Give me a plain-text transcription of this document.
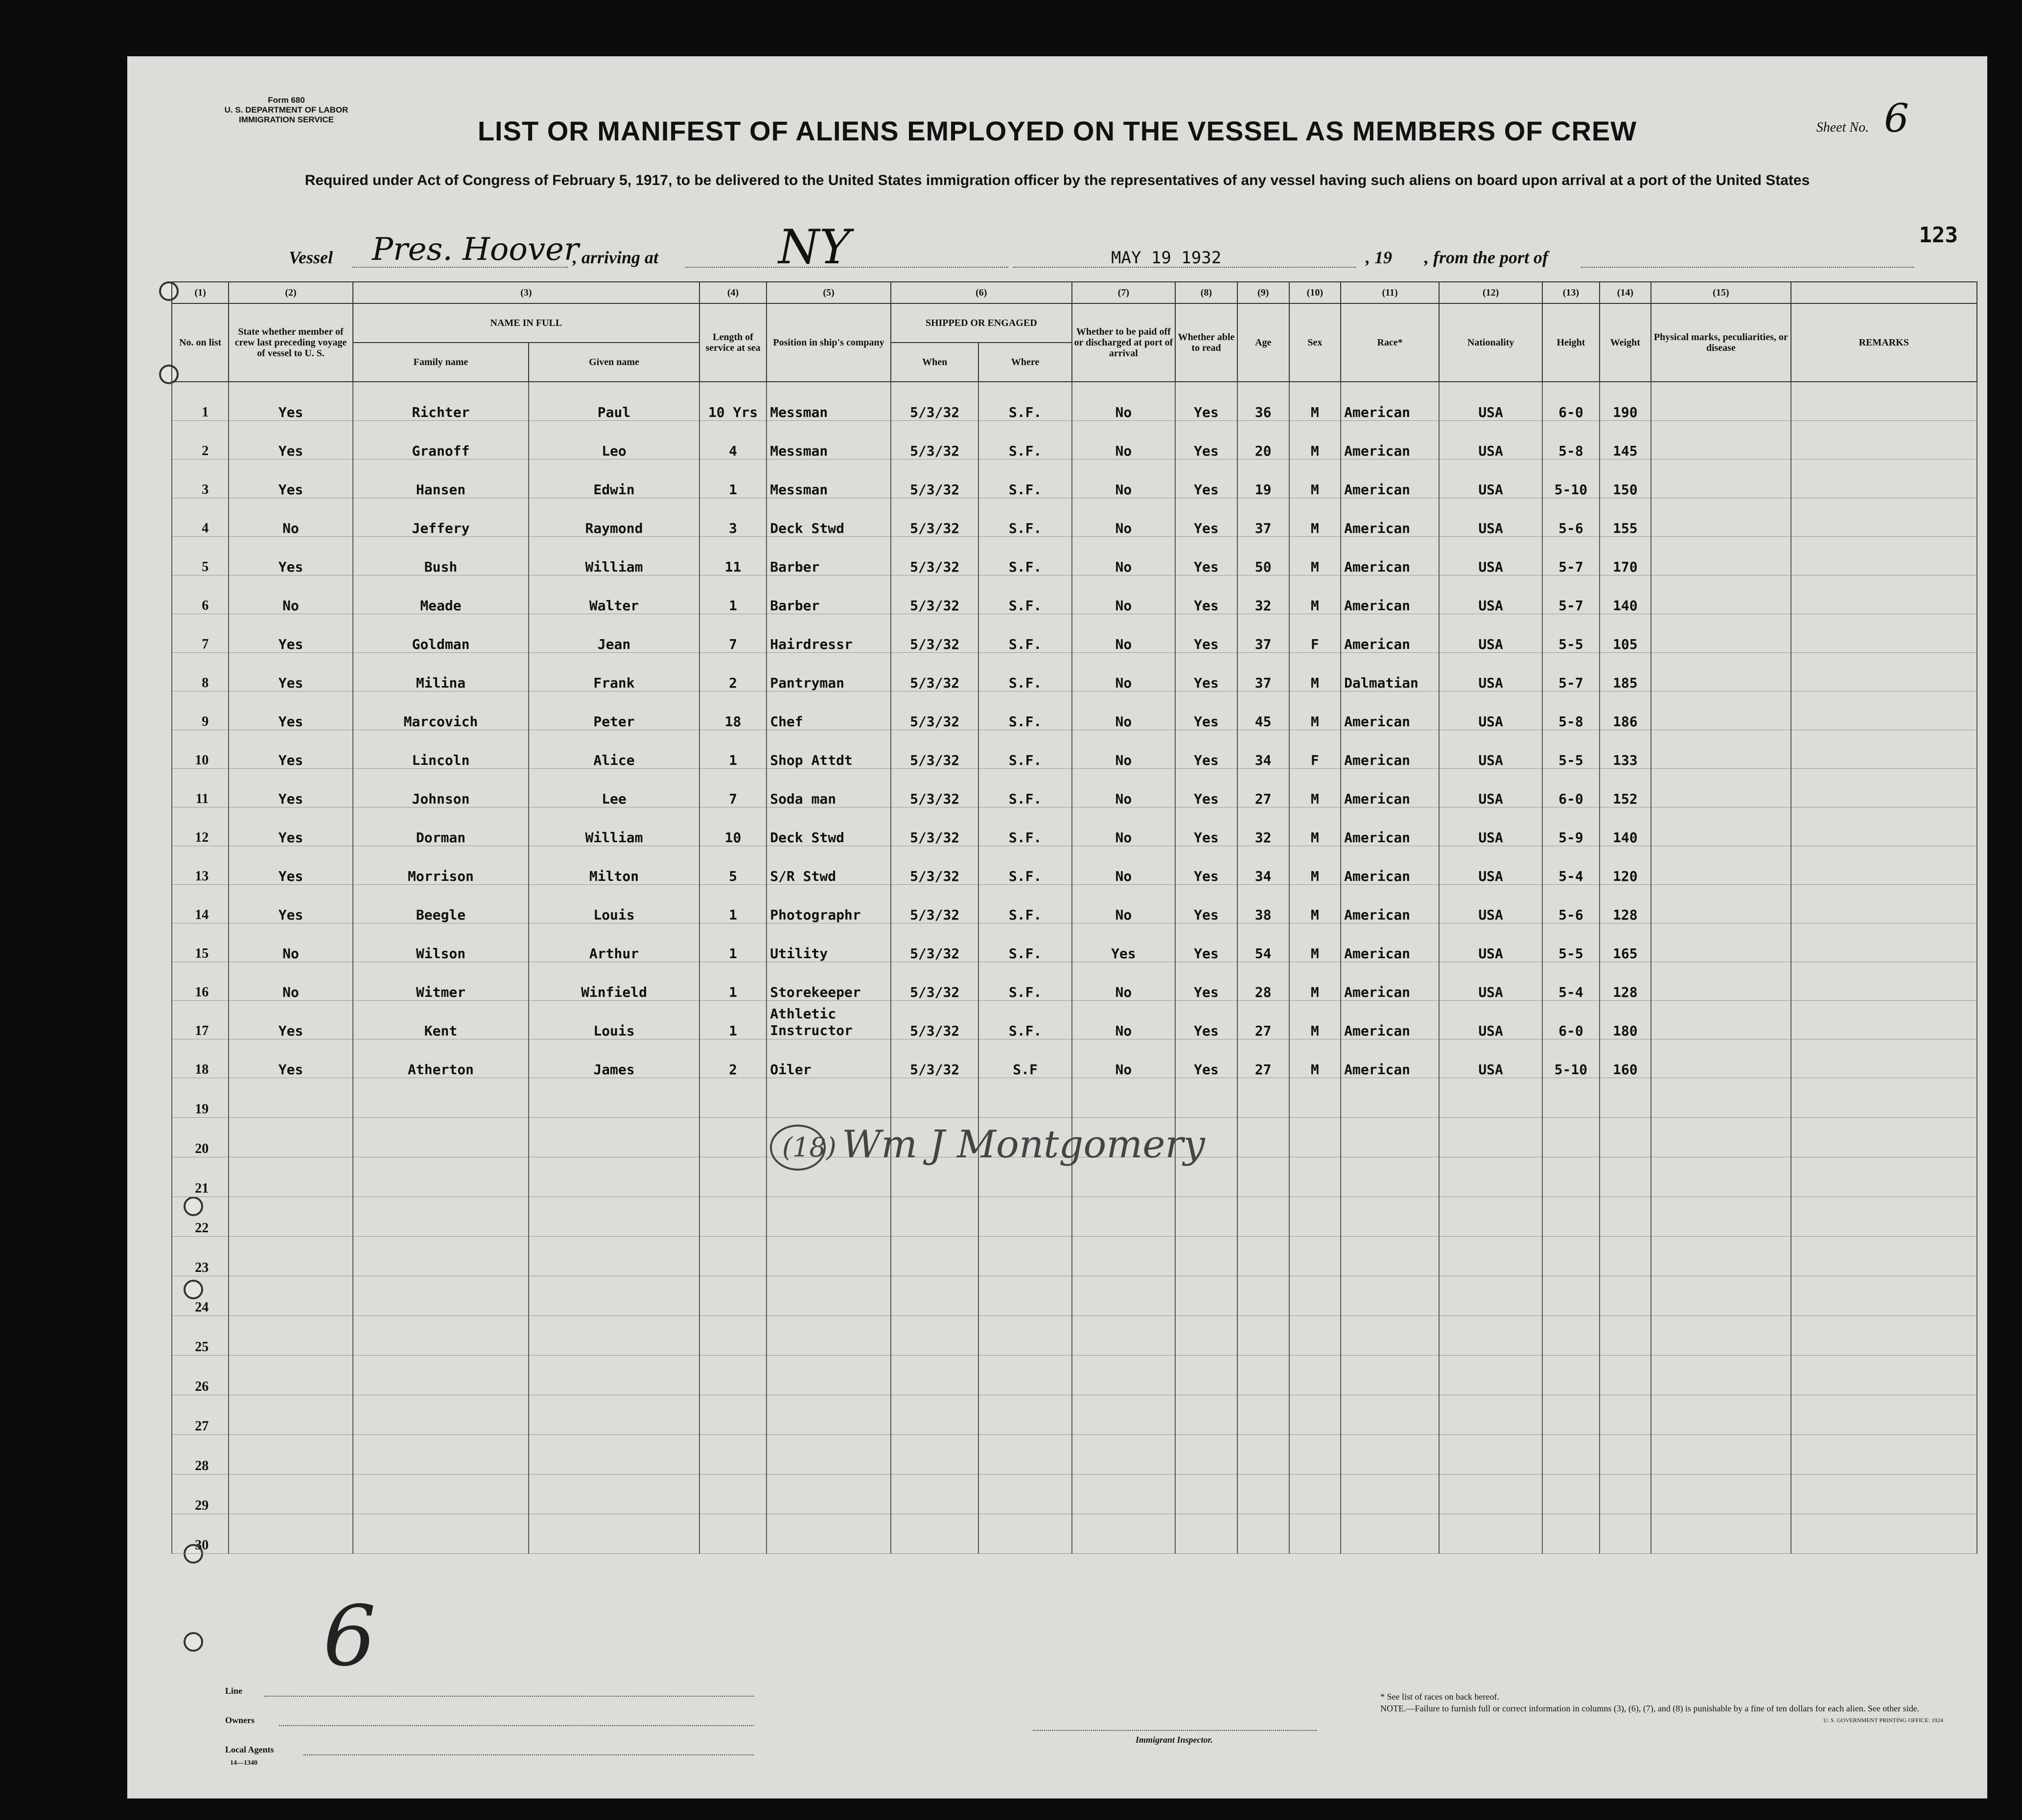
Form 680
U. S. DEPARTMENT OF LABOR
IMMIGRATION SERVICE
Sheet No. 6
LIST OR MANIFEST OF ALIENS EMPLOYED ON THE VESSEL AS MEMBERS OF CREW
Required under Act of Congress of February 5, 1917, to be delivered to the United States immigration officer by the representatives of any vessel having such aliens on board upon arrival at a port of the United States
Vessel Pres. Hoover
, arriving at	NY	MAY 19 1932	, 19 , from the port of
123
(1)	(2)	(3)		(4)	(5)	(6)		(7)	(8)	(9)	(10)	(11)	(12)	(13)	(14)	(15)	
No. on list	State whether member of crew last preceding voyage of vessel to U. S.	NAME IN FULL		Length of service at sea	Position in ship's company	SHIPPED OR ENGAGED		Whether to be paid off or discharged at port of arrival	Whether able to read	Age	Sex	Race*	Nationality	Height	Weight	Physical marks, peculiarities, or disease	REMARKS
		Family name	Given name			When	Where										
1	Yes	Richter	Paul	10 Yrs	Messman	5/3/32	S.F.	No	Yes	36	M	American	USA	6-0	190		
2	Yes	Granoff	Leo	4	Messman	5/3/32	S.F.	No	Yes	20	M	American	USA	5-8	145		
3	Yes	Hansen	Edwin	1	Messman	5/3/32	S.F.	No	Yes	19	M	American	USA	5-10	150		
4	No	Jeffery	Raymond	3	Deck Stwd	5/3/32	S.F.	No	Yes	37	M	American	USA	5-6	155		
5	Yes	Bush	William	11	Barber	5/3/32	S.F.	No	Yes	50	M	American	USA	5-7	170		
6	No	Meade	Walter	1	Barber	5/3/32	S.F.	No	Yes	32	M	American	USA	5-7	140		
7	Yes	Goldman	Jean	7	Hairdressr	5/3/32	S.F.	No	Yes	37	F	American	USA	5-5	105		
8	Yes	Milina	Frank	2	Pantryman	5/3/32	S.F.	No	Yes	37	M	Dalmatian	USA	5-7	185		
9	Yes	Marcovich	Peter	18	Chef	5/3/32	S.F.	No	Yes	45	M	American	USA	5-8	186		
10	Yes	Lincoln	Alice	1	Shop Attdt	5/3/32	S.F.	No	Yes	34	F	American	USA	5-5	133		
11	Yes	Johnson	Lee	7	Soda man	5/3/32	S.F.	No	Yes	27	M	American	USA	6-0	152		
12	Yes	Dorman	William	10	Deck Stwd	5/3/32	S.F.	No	Yes	32	M	American	USA	5-9	140		
13	Yes	Morrison	Milton	5	S/R Stwd	5/3/32	S.F.	No	Yes	34	M	American	USA	5-4	120		
14	Yes	Beegle	Louis	1	Photographr	5/3/32	S.F.	No	Yes	38	M	American	USA	5-6	128		
15	No	Wilson	Arthur	1	Utility	5/3/32	S.F.	Yes	Yes	54	M	American	USA	5-5	165		
16	No	Witmer	Winfield	1	Storekeeper	5/3/32	S.F.	No	Yes	28	M	American	USA	5-4	128		
17	Yes	Kent	Louis	1	Athletic Instructor	5/3/32	S.F.	No	Yes	27	M	American	USA	6-0	180		
18	Yes	Atherton	James	2	Oiler	5/3/32	S.F	No	Yes	27	M	American	USA	5-10	160		
19																	
20																	
21																	
22																	
23																	
24																	
25																	
26																	
27																	
28																	
29																	
30																	
(18) Wm J Montgomery
6
Line
Owners
Local Agents
14—1340
Immigrant Inspector.
* See list of races on back hereof.
NOTE.—Failure to furnish full or correct information in columns (3), (6), (7), and (8) is punishable by a fine of ten dollars for each alien. See other side.
U. S. GOVERNMENT PRINTING OFFICE: 1924
